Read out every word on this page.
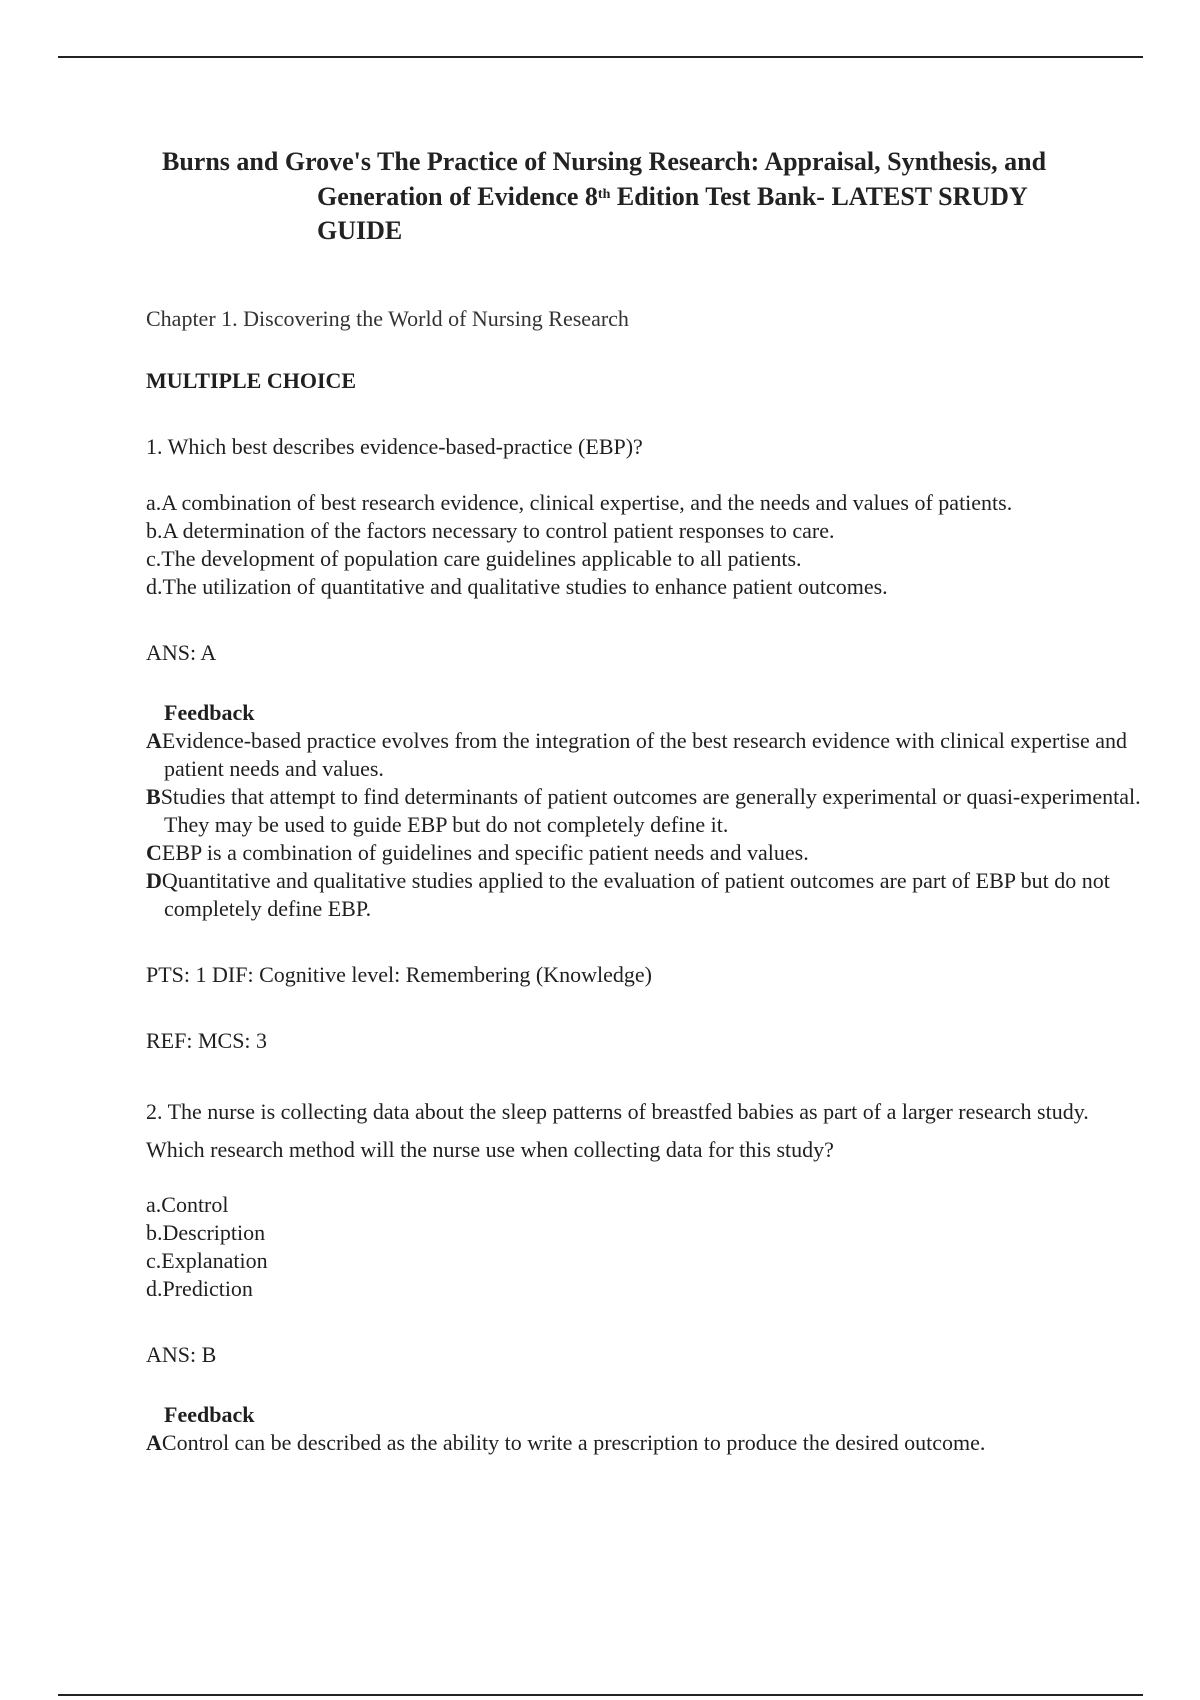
Burns and Grove's The Practice of Nursing Research: Appraisal, Synthesis, and Generation of Evidence 8th Edition Test Bank- LATEST SRUDY GUIDE
Chapter 1. Discovering the World of Nursing Research
MULTIPLE CHOICE
1. Which best describes evidence-based-practice (EBP)?
a.A combination of best research evidence, clinical expertise, and the needs and values of patients.
b.A determination of the factors necessary to control patient responses to care.
c.The development of population care guidelines applicable to all patients.
d.The utilization of quantitative and qualitative studies to enhance patient outcomes.
ANS: A
Feedback
AEvidence-based practice evolves from the integration of the best research evidence with clinical expertise and patient needs and values.
BStudies that attempt to find determinants of patient outcomes are generally experimental or quasi-experimental. They may be used to guide EBP but do not completely define it.
CEBP is a combination of guidelines and specific patient needs and values.
DQuantitative and qualitative studies applied to the evaluation of patient outcomes are part of EBP but do not completely define EBP.
PTS: 1 DIF: Cognitive level: Remembering (Knowledge)
REF: MCS: 3
2. The nurse is collecting data about the sleep patterns of breastfed babies as part of a larger research study. Which research method will the nurse use when collecting data for this study?
a.Control
b.Description
c.Explanation
d.Prediction
ANS: B
Feedback
AControl can be described as the ability to write a prescription to produce the desired outcome.
